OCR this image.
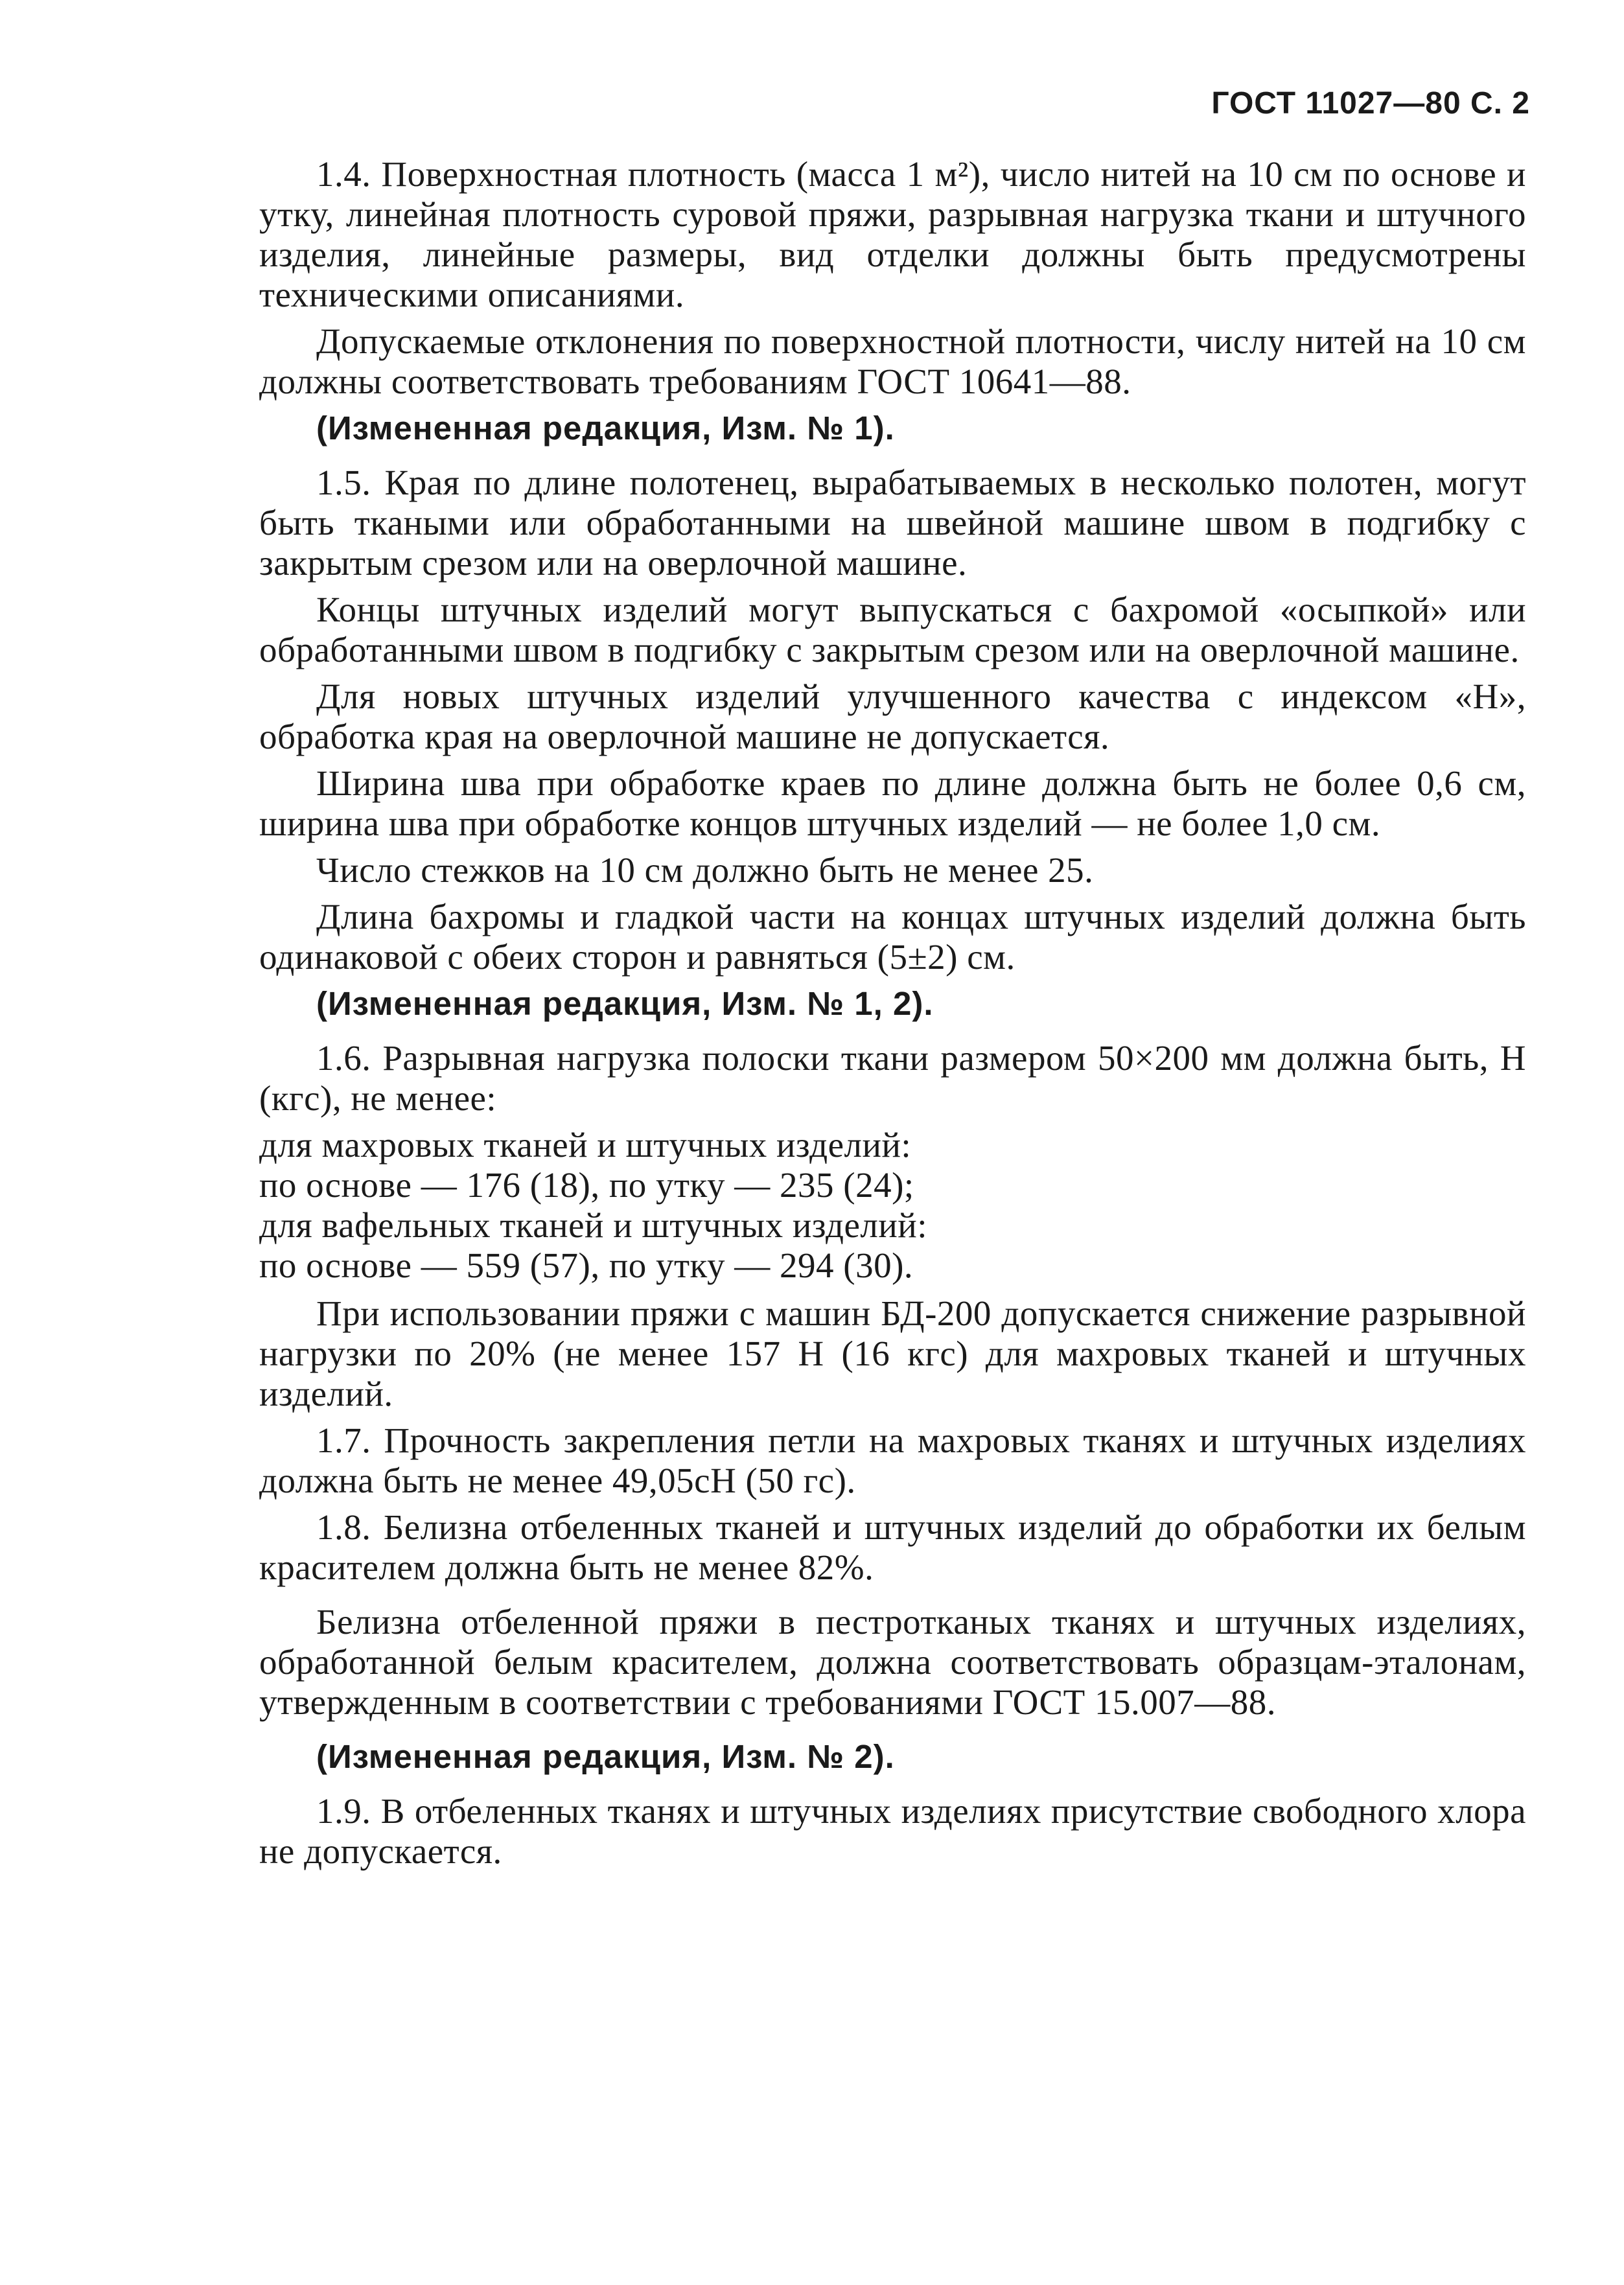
ГОСТ 11027—80 С. 2

1.4. Поверхностная плотность (масса 1 м²), число нитей на 10 см по основе и утку, линейная плотность суровой пряжи, разрывная нагрузка ткани и штучного изделия, линейные размеры, вид отделки должны быть предусмотрены техническими описаниями.

Допускаемые отклонения по поверхностной плотности, числу нитей на 10 см должны соответствовать требованиям ГОСТ 10641—88.

(Измененная редакция, Изм. № 1).

1.5. Края по длине полотенец, вырабатываемых в несколько полотен, могут быть ткаными или обработанными на швейной машине швом в подгибку с закрытым срезом или на оверлочной машине.

Концы штучных изделий могут выпускаться с бахромой «осыпкой» или обработанными швом в подгибку с закрытым срезом или на оверлочной машине.

Для новых штучных изделий улучшенного качества с индексом «Н», обработка края на оверлочной машине не допускается.

Ширина шва при обработке краев по длине должна быть не более 0,6 см, ширина шва при обработке концов штучных изделий — не более 1,0 см.

Число стежков на 10 см должно быть не менее 25.

Длина бахромы и гладкой части на концах штучных изделий должна быть одинаковой с обеих сторон и равняться (5±2) см.

(Измененная редакция, Изм. № 1, 2).

1.6. Разрывная нагрузка полоски ткани размером 50×200 мм должна быть, Н (кгс), не менее:

для махровых тканей и штучных изделий:
по основе — 176 (18), по утку — 235 (24);
для вафельных тканей и штучных изделий:
по основе — 559 (57), по утку — 294 (30).

При использовании пряжи с машин БД-200 допускается снижение разрывной нагрузки по 20% (не менее 157 Н (16 кгс) для махровых тканей и штучных изделий.

1.7. Прочность закрепления петли на махровых тканях и штучных изделиях должна быть не менее 49,05сН (50 гс).

1.8. Белизна отбеленных тканей и штучных изделий до обработки их белым красителем должна быть не менее 82%.

Белизна отбеленной пряжи в пестротканых тканях и штучных изделиях, обработанной белым красителем, должна соответствовать образцам-эталонам, утвержденным в соответствии с требованиями ГОСТ 15.007—88.

(Измененная редакция, Изм. № 2).

1.9. В отбеленных тканях и штучных изделиях присутствие свободного хлора не допускается.
